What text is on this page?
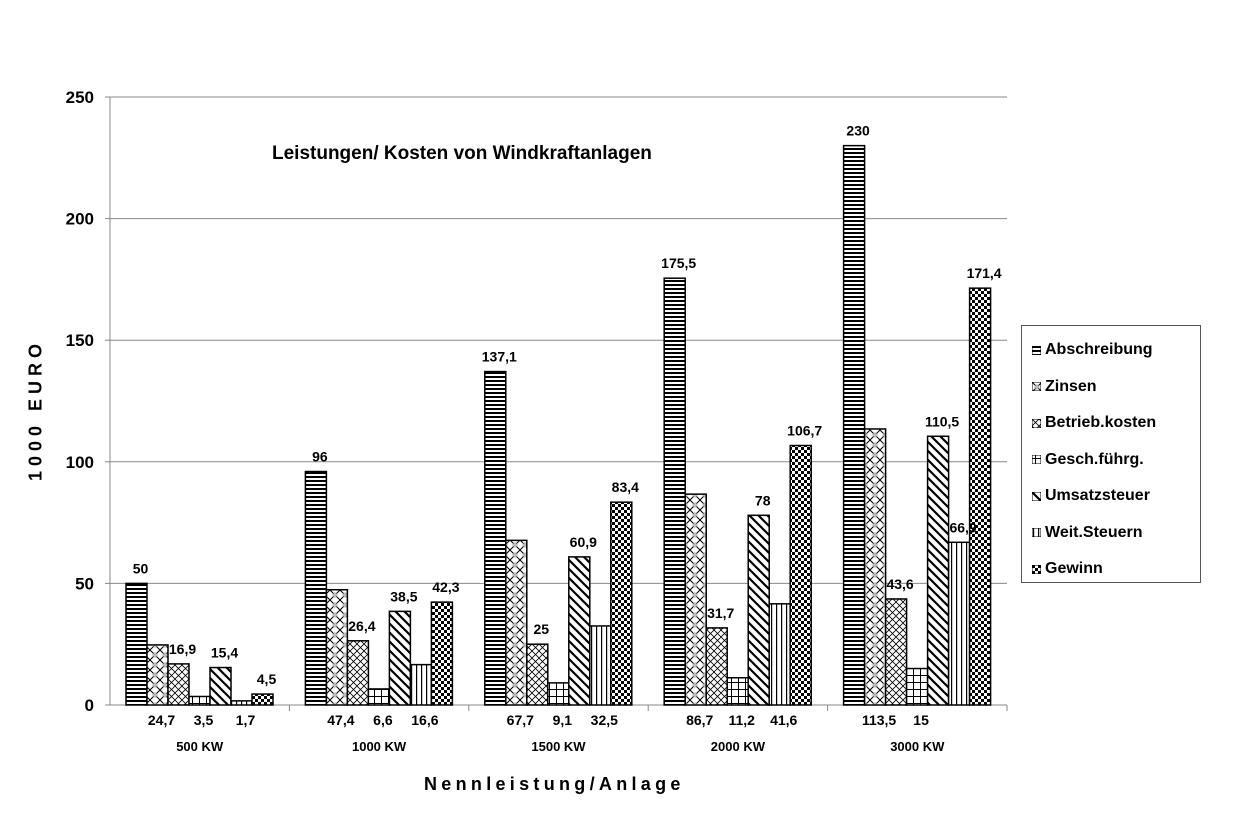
0
50
100
150
200
250
500 KW
50
24,7
16,9
3,5
15,4
1,7
4,5
1000 KW
96
47,4
26,4
6,6
38,5
16,6
42,3
1500 KW
137,1
67,7
25
9,1
60,9
32,5
83,4
2000 KW
175,5
86,7
31,7
11,2
78
41,6
106,7
3000 KW
230
113,5
43,6
15
110,5
66,9
171,4
Leistungen/ Kosten von Windkraftanlagen
Nennleistung/Anlage
1000 EURO	Abschreibung
Zinsen
Betrieb.kosten
Gesch.führg.
Umsatzsteuer
Weit.Steuern
Gewinn
